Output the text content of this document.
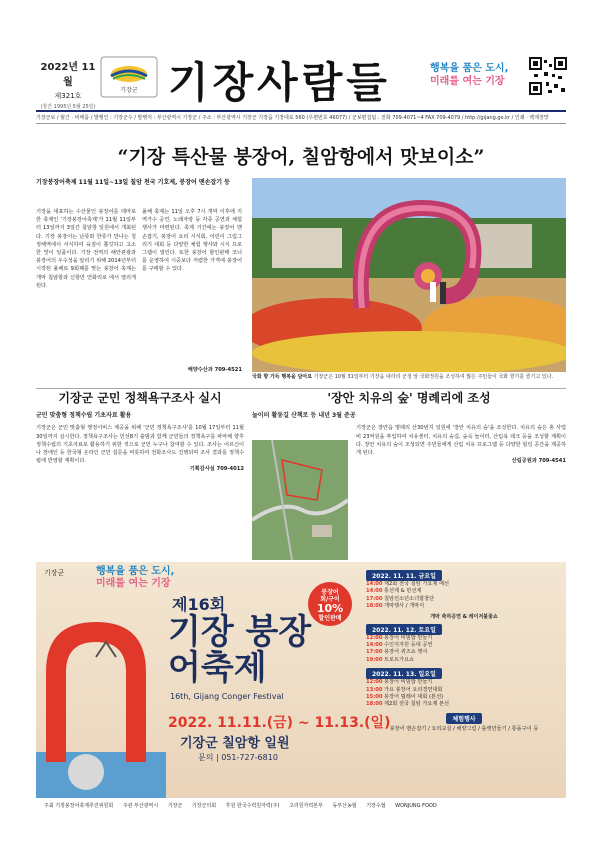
2022년 11월
제321호
(창간 1995년 5월 25일)
기장군 기장사람들	행복을 품은 도시,
미래를 여는 기장
기장군보 / 월간 · 비매품 / 발행인 : 기장군수 / 발행처 : 부산광역시 기장군 / 주소 : 부산광역시 기장군 기장읍 기장대로 560 (우편번호 46077) / 군보편집팀 : 전화 709-4071~4 FAX 709-4079 / http://gijang.go.kr / 인쇄 · 백제장맛
“기장 특산물 붕장어, 칠암항에서 맛보이소”
기장붕장어축제 11월 11일~13일 칠암 천국 기호제, 붕장어 맨손잡기 등
기장을 대표하는 수산물인 붕장어를 테마로 한 축제인 '기장붕장어축제'가 11월 11일부터 13일까지 3일간 칠암항 일원에서 개최된다. 기장 붕장어는 난류와 한류가 만나는 청정해역에서 서식하여 육질이 쫄깃하고 고소한 맛이 일품이다. 기장 전역의 해안관광과 붕장어의 우수성을 알리기 위해 2014년부터 시작된 올해로 9회째를 맞는 붕장어 축제는 개막 칠암항과 신항만 연화리로 에서 열리게 된다.
올해 축제는 11일 오후 7시 개막 이후에 지역가수 공연, 노래자랑 등 각종 공연과 체험 행사가 마련된다. 축제 기간에는 붕장어 맨손잡기, 붕장어 요리 시식회, 어린이 그림그리기 대회 등 다양한 체험 행사와 시식 프로그램이 열린다. 또한 붕장어 할인판매 코너를 운영하여 시중보다 저렴한 가격에 붕장어를 구매할 수 있다.
해양수산과 709-4521
국화 향 가득 행복을 담아요 기장군은 10월 31일부터 기장읍 대라리 군청 앞 국화정원을 조성하여 많은 주민들이 국화 향기를 즐기고 있다.
기장군 군민 정책욕구조사 실시
군민 맞춤형 정책수립 기초자료 활용
기장군은 군민 맞춤형 행정서비스 제공을 위해 '군민 정책욕구조사'를 10월 17일부터 11월 30일까지 실시한다. 정책욕구조사는 민선8기 출범과 함께 군민들의 정책욕구를 파악해 향후 정책수립의 기초자료로 활용하기 위한 것으로 군민 누구나 참여할 수 있다. 조사는 어르신이나 장애인 등 한국형 온라인 군민 설문을 비롯하여 전화조사도 진행되며 조사 결과를 정책수립에 반영할 계획이다.
기획감사실 709-4012
'장안 치유의 숲' 명례리에 조성
놀이터 활동길 산책로 등 내년 3월 준공
기장군은 장안읍 명례리 산30번지 일원에 '장안 치유의 숲'을 조성한다. 치유의 숲은 총 사업비 23억원을 투입하여 치유센터, 치유의 숲길, 숲속 놀이터, 산림욕 데크 등을 조성할 계획이다. 장안 치유의 숲이 조성되면 주민들에게 산림 치유 프로그램 등 다양한 힐링 공간을 제공하게 된다.
산림공원과 709-4541
기장군	행복을 품은 도시,
미래를 여는 기장
제16회
기장 붕장어축제
16th, Gijang Conger Festival
2022. 11.11.(금) ~ 11.13.(일)
기장군 칠암항 일원
문의 | 051-727-6810
붕장어
회/구이
10%
할인판매
2022. 11. 11. 금요일
14:00제2회 전국 칠암 가요제 예선
14:00통선제 & 만선제
17:00칠암선소년소녀합창단
18:00개막행사 / 개막식
개막 축하공연 & 레이저불꽃쇼
2022. 11. 12. 토요일
12:00붕장어 비빔밥 만들기
14:00수인지자원 등대 공연
17:00붕장어 퀴즈쇼 행사
19:00트로트가요쇼
2022. 11. 13. 일요일
12:00붕장어 비빔밥 만들기
13:00가요 붕장어 요리경연대회
15:00붕장어 릴레이 대회 (본선)
18:00제2회 전국 칠암 가요제 본선
체험행사
붕장어 맨손잡기 / 요리교실 / 해양그림 / 룰렛만들기 / 통돌구이 등
주최 기장붕장어축제추진위원회 주관 부산광역시 기장군 기장군의회 후원 한국수력원자력(주) 고리원자력본부 동부산농협 기장수협 WONJUNG FOOD
